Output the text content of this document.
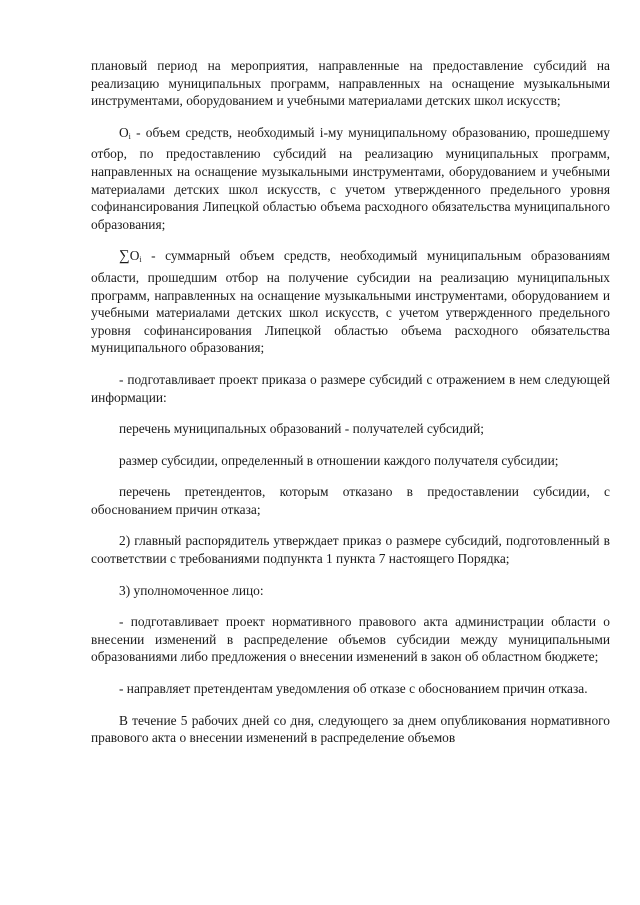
плановый период на мероприятия, направленные на предоставление субсидий на реализацию муниципальных программ, направленных на оснащение музыкальными инструментами, оборудованием и учебными материалами детских школ искусств;

$O_i$ - объем средств, необходимый i-му муниципальному образованию, прошедшему отбор, по предоставлению субсидий на реализацию муниципальных программ, направленных на оснащение музыкальными инструментами, оборудованием и учебными материалами детских школ искусств, с учетом утвержденного предельного уровня софинансирования Липецкой областью объема расходного обязательства муниципального образования;

$\sum O_i$ - суммарный объем средств, необходимый муниципальным образованиям области, прошедшим отбор на получение субсидии на реализацию муниципальных программ, направленных на оснащение музыкальными инструментами, оборудованием и учебными материалами детских школ искусств, с учетом утвержденного предельного уровня софинансирования Липецкой областью объема расходного обязательства муниципального образования;

- подготавливает проект приказа о размере субсидий с отражением в нем следующей информации:

перечень муниципальных образований - получателей субсидий;

размер субсидии, определенный в отношении каждого получателя субсидии;

перечень претендентов, которым отказано в предоставлении субсидии, с обоснованием причин отказа;

2) главный распорядитель утверждает приказ о размере субсидий, подготовленный в соответствии с требованиями подпункта 1 пункта 7 настоящего Порядка;

3) уполномоченное лицо:

- подготавливает проект нормативного правового акта администрации области о внесении изменений в распределение объемов субсидии между муниципальными образованиями либо предложения о внесении изменений в закон об областном бюджете;

- направляет претендентам уведомления об отказе с обоснованием причин отказа.

В течение 5 рабочих дней со дня, следующего за днем опубликования нормативного правового акта о внесении изменений в распределение объемов
